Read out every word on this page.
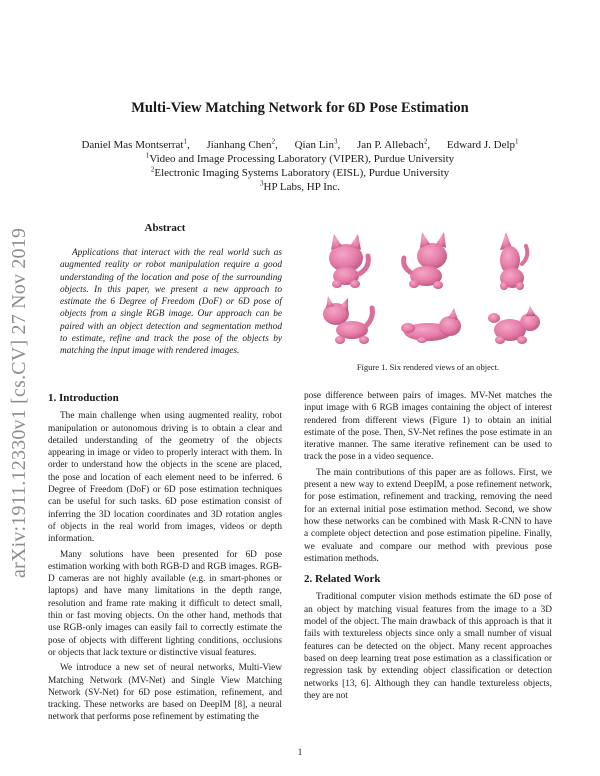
arXiv:1911.12330v1 [cs.CV] 27 Nov 2019
Multi-View Matching Network for 6D Pose Estimation
Daniel Mas Montserrat$^1$, Jianhang Chen$^2$, Qian Lin$^3$, Jan P. Allebach$^2$, Edward J. Delp$^1$
$^1$Video and Image Processing Laboratory (VIPER), Purdue University
$^2$Electronic Imaging Systems Laboratory (EISL), Purdue University
$^3$HP Labs, HP Inc.
Abstract

Applications that interact with the real world such as augmented reality or robot manipulation require a good understanding of the location and pose of the surrounding objects. In this paper, we present a new approach to estimate the 6 Degree of Freedom (DoF) or 6D pose of objects from a single RGB image. Our approach can be paired with an object detection and segmentation method to estimate, refine and track the pose of the objects by matching the input image with rendered images.

Figure 1. Six rendered views of an object.
1. Introduction

The main challenge when using augmented reality, robot manipulation or autonomous driving is to obtain a clear and detailed understanding of the geometry of the objects appearing in image or video to properly interact with them. In order to understand how the objects in the scene are placed, the pose and location of each element need to be inferred. 6 Degree of Freedom (DoF) or 6D pose estimation techniques can be useful for such tasks. 6D pose estimation consist of inferring the 3D location coordinates and 3D rotation angles of objects in the real world from images, videos or depth information.

Many solutions have been presented for 6D pose estimation working with both RGB-D and RGB images. RGB-D cameras are not highly available (e.g. in smart-phones or laptops) and have many limitations in the depth range, resolution and frame rate making it difficult to detect small, thin or fast moving objects. On the other hand, methods that use RGB-only images can easily fail to correctly estimate the pose of objects with different lighting conditions, occlusions or objects that lack texture or distinctive visual features.

We introduce a new set of neural networks, Multi-View Matching Network (MV-Net) and Single View Matching Network (SV-Net) for 6D pose estimation, refinement, and tracking. These networks are based on DeepIM [8], a neural network that performs pose refinement by estimating the

pose difference between pairs of images. MV-Net matches the input image with 6 RGB images containing the object of interest rendered from different views (Figure 1) to obtain an initial estimate of the pose. Then, SV-Net refines the pose estimate in an iterative manner. The same iterative refinement can be used to track the pose in a video sequence.

The main contributions of this paper are as follows. First, we present a new way to extend DeepIM, a pose refinement network, for pose estimation, refinement and tracking, removing the need for an external initial pose estimation method. Second, we show how these networks can be combined with Mask R-CNN to have a complete object detection and pose estimation pipeline. Finally, we evaluate and compare our method with previous pose estimation methods.

2. Related Work

Traditional computer vision methods estimate the 6D pose of an object by matching visual features from the image to a 3D model of the object. The main drawback of this approach is that it fails with textureless objects since only a small number of visual features can be detected on the object. Many recent approaches based on deep learning treat pose estimation as a classification or regression task by extending object classification or detection networks [13, 6]. Although they can handle textureless objects, they are not

1
